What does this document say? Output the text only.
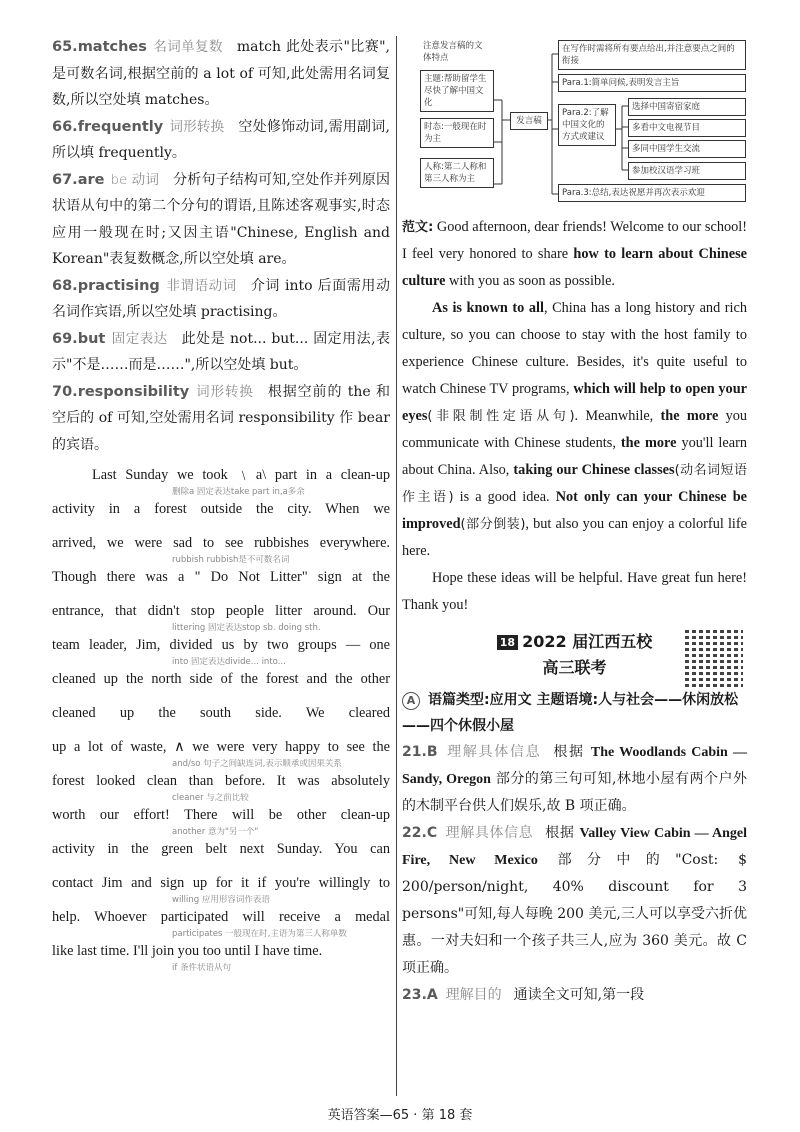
65.matches 名词单复数 match 此处表示"比赛",是可数名词,根据空前的 a lot of 可知,此处需用名词复数,所以空处填 matches。
66.frequently 词形转换 空处修饰动词,需用副词,所以填 frequently。
67.are be 动词 分析句子结构可知,空处作并列原因状语从句中的第二个分句的谓语,且陈述客观事实,时态应用一般现在时;又因主语"Chinese, English and Korean"表复数概念,所以空处填 are。
68.practising 非谓语动词 介词 into 后面需用动名词作宾语,所以空处填 practising。
69.but 固定表达 此处是 not... but... 固定用法,表示"不是……而是……",所以空处填 but。
70.responsibility 词形转换 根据空前的 the 和空后的 of 可知,空处需用名词 responsibility 作 bear 的宾语。
Last Sunday we took ﹨a\ part in a clean-up
删除a 固定表达take part in,a多余
activity in a forest outside the city. When we
arrived, we were sad to see rubbishes everywhere.
rubbish rubbish是不可数名词
Though there was a " Do Not Litter" sign at the
entrance, that didn't stop people litter around. Our
littering 固定表达stop sb. doing sth.
team leader, Jim, divided us by two groups — one
into 固定表达divide... into...
cleaned up the north side of the forest and the other
cleaned up the south side. We cleared
up a lot of waste, ∧ we were very happy to see the
and/so 句子之间缺连词,表示顺承或因果关系
forest looked clean than before. It was absolutely
cleaner 与之前比较
worth our effort! There will be other clean-up
another 意为"另一个"
activity in the green belt next Sunday. You can
contact Jim and sign up for it if you're willingly to
willing 应用形容词作表语
help. Whoever participated will receive a medal
participates 一般现在时,主语为第三人称单数
like last time. I'll join you too until I have time.
if 条件状语从句
注意发言稿的文体特点
主题:帮助留学生尽快了解中国文化
时态:一般现在时为主
人称:第二人称和第三人称为主
发言稿
在写作时需将所有要点给出,并注意要点之间的衔接
Para.1:简单问候,表明发言主旨
Para.2:了解中国文化的方式或建议
选择中国寄宿家庭
多看中文电视节目
多同中国学生交流
参加校汉语学习班
Para.3:总结,表达祝愿并再次表示欢迎

范文: Good afternoon, dear friends! Welcome to our school! I feel very honored to share how to learn about Chinese culture with you as soon as possible.

As is known to all, China has a long history and rich culture, so you can choose to stay with the host family to experience Chinese culture. Besides, it's quite useful to watch Chinese TV programs, which will help to open your eyes(非限制性定语从句). Meanwhile, the more you communicate with Chinese students, the more you'll learn about China. Also, taking our Chinese classes(动名词短语作主语) is a good idea. Not only can your Chinese be improved(部分倒装), but also you can enjoy a colorful life here.

Hope these ideas will be helpful. Have great fun here! Thank you!

18 2022 届江西五校
高三联考
A 语篇类型:应用文 主题语境:人与社会——休闲放松——四个休假小屋

21.B 理解具体信息 根据 The Woodlands Cabin — Sandy, Oregon 部分的第三句可知,林地小屋有两个户外的木制平台供人们娱乐,故 B 项正确。

22.C 理解具体信息 根据 Valley View Cabin — Angel Fire, New Mexico 部分中的"Cost: $ 200/person/night, 40% discount for 3 persons"可知,每人每晚 200 美元,三人可以享受六折优惠。一对夫妇和一个孩子共三人,应为 360 美元。故 C 项正确。

23.A 理解目的 通读全文可知,第一段

英语答案—65 · 第 18 套
